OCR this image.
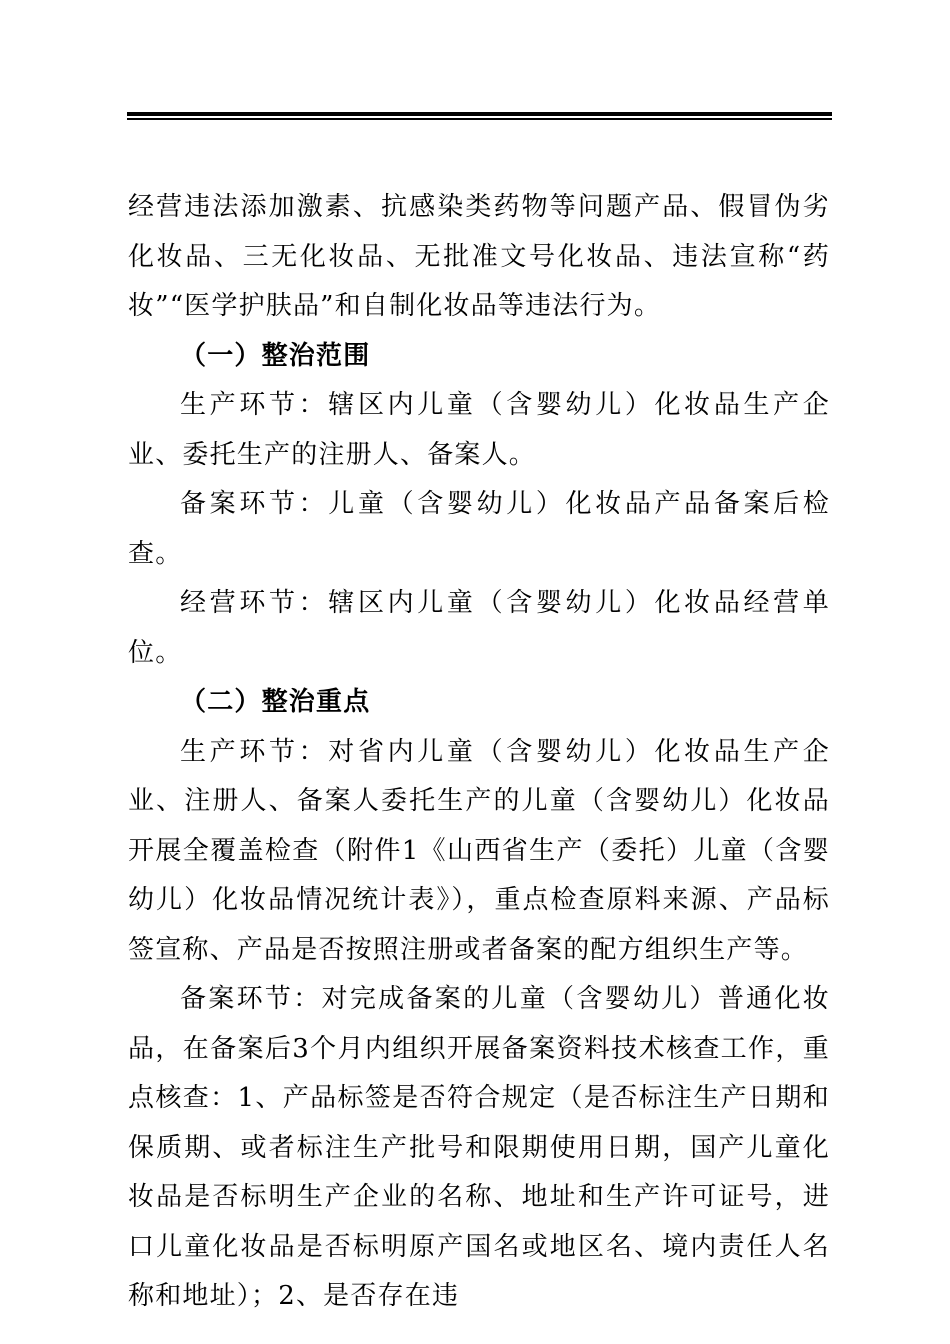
经营违法添加激素、抗感染类药物等问题产品、假冒伪劣化妆品、三无化妆品、无批准文号化妆品、违法宣称“药妆”“医学护肤品”和自制化妆品等违法行为。

（一）整治范围

生产环节：辖区内儿童（含婴幼儿）化妆品生产企业、委托生产的注册人、备案人。

备案环节：儿童（含婴幼儿）化妆品产品备案后检查。

经营环节：辖区内儿童（含婴幼儿）化妆品经营单位。

（二）整治重点

生产环节：对省内儿童（含婴幼儿）化妆品生产企业、注册人、备案人委托生产的儿童（含婴幼儿）化妆品开展全覆盖检查（附件1《山西省生产（委托）儿童（含婴幼儿）化妆品情况统计表》），重点检查原料来源、产品标签宣称、产品是否按照注册或者备案的配方组织生产等。

备案环节：对完成备案的儿童（含婴幼儿）普通化妆品，在备案后3个月内组织开展备案资料技术核查工作，重点核查：1、产品标签是否符合规定（是否标注生产日期和保质期、或者标注生产批号和限期使用日期，国产儿童化妆品是否标明生产企业的名称、地址和生产许可证号，进口儿童化妆品是否标明原产国名或地区名、境内责任人名称和地址）；2、是否存在违
